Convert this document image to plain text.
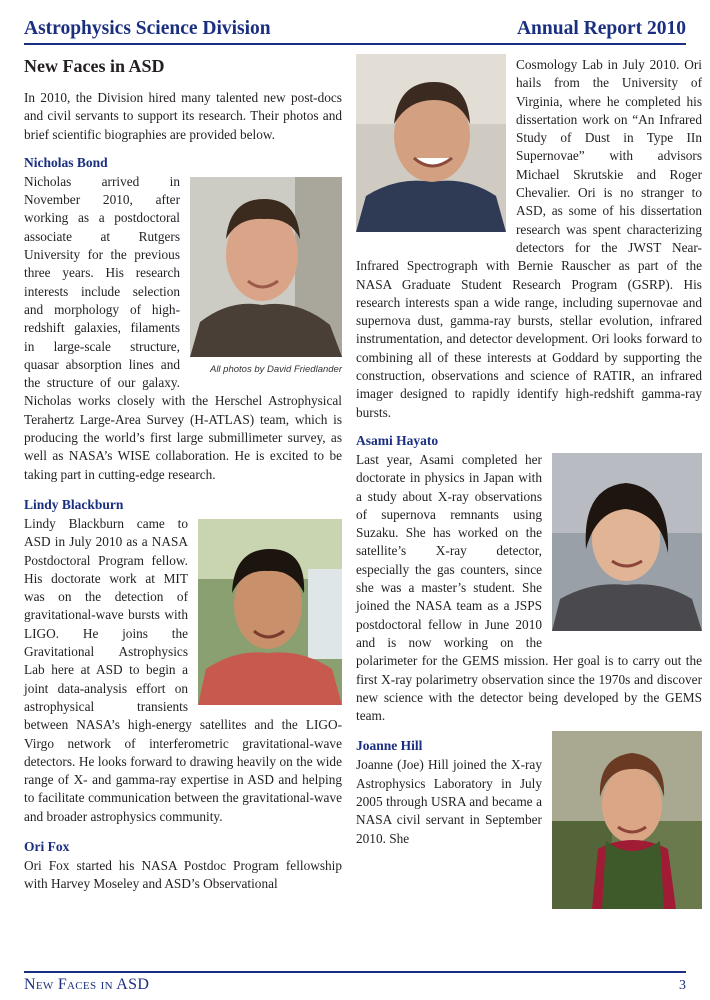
Astrophysics Science Division	Annual Report 2010
New Faces in ASD

In 2010, the Division hired many talented new post-docs and civil servants to support its research. Their photos and brief scientific biographies are provided below.

Nicholas Bond
All photos by David Friedlander

Nicholas arrived in November 2010, after working as a postdoctoral associate at Rutgers University for the previous three years. His research interests include selection and morphology of high-redshift galaxies, filaments in large-scale structure, quasar absorption lines and the structure of our galaxy. Nicholas works closely with the Herschel Astrophysical Terahertz Large-Area Survey (H-ATLAS) team, which is producing the world’s first large submillimeter survey, as well as NASA’s WISE collaboration. He is excited to be taking part in cutting-edge research.

Lindy Blackburn

Lindy Blackburn came to ASD in July 2010 as a NASA Postdoctoral Program fellow. His doctorate work at MIT was on the detection of gravitational-wave bursts with LIGO. He joins the Gravitational Astrophysics Lab here at ASD to begin a joint data-analysis effort on astrophysical transients between NASA’s high-energy satellites and the LIGO-Virgo network of interferometric gravitational-wave detectors. He looks forward to drawing heavily on the wide range of X- and gamma-ray expertise in ASD and helping to facilitate communication between the gravitational-wave and broader astrophysics community.

Ori Fox

Ori Fox started his NASA Postdoc Program fellowship with Harvey Moseley and ASD’s Observational

Cosmology Lab in July 2010. Ori hails from the University of Virginia, where he completed his dissertation work on “An Infrared Study of Dust in Type IIn Supernovae” with advisors Michael Skrutskie and Roger Chevalier. Ori is no stranger to ASD, as some of his dissertation research was spent characterizing detectors for the JWST Near-Infrared Spectrograph with Bernie Rauscher as part of the NASA Graduate Student Research Program (GSRP). His research interests span a wide range, including supernovae and supernova dust, gamma-ray bursts, stellar evolution, infrared instrumentation, and detector development. Ori looks forward to combining all of these interests at Goddard by supporting the construction, observations and science of RATIR, an infrared imager designed to rapidly identify high-redshift gamma-ray bursts.

Asami Hayato

Last year, Asami completed her doctorate in physics in Japan with a study about X-ray observations of supernova remnants using Suzaku. She has worked on the satellite’s X-ray detector, especially the gas counters, since she was a master’s student. She joined the NASA team as a JSPS postdoctoral fellow in June 2010 and is now working on the polarimeter for the GEMS mission. Her goal is to carry out the first X-ray polarimetry observation since the 1970s and discover new science with the detector being developed by the GEMS team.

Joanne Hill

Joanne (Joe) Hill joined the X-ray Astrophysics Laboratory in July 2005 through USRA and became a NASA civil servant in September 2010. She

New Faces in ASD	3
